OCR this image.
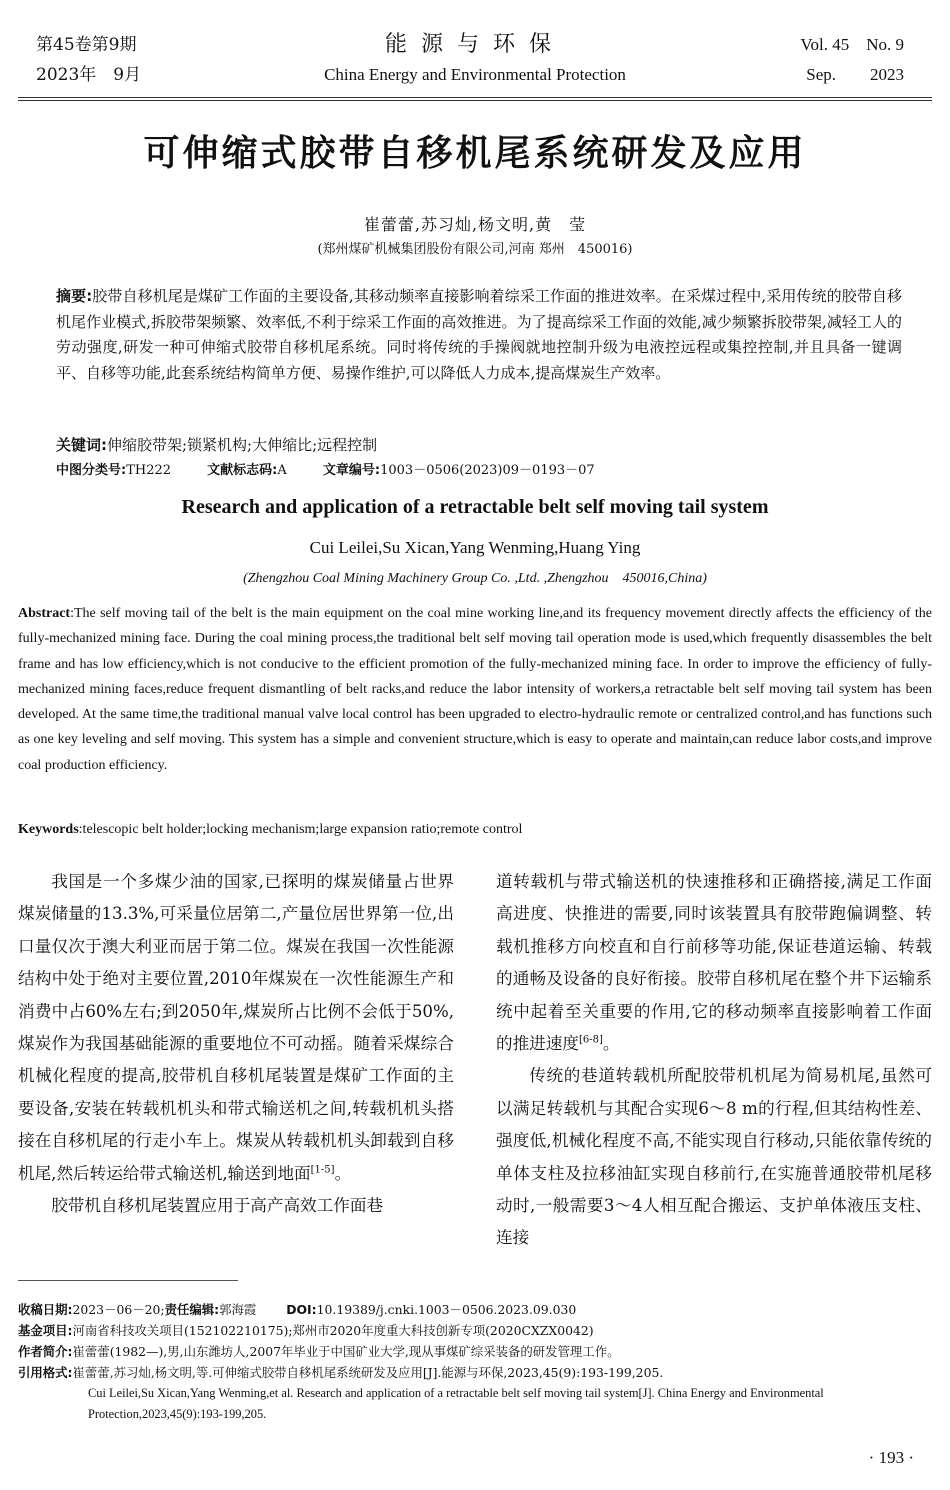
第45卷第9期
2023年　9月
能源与环保
China Energy and Environmental Protection
Vol. 45　No. 9
Sep.　　2023
可伸缩式胶带自移机尾系统研发及应用
崔蕾蕾,苏习灿,杨文明,黄　莹
(郑州煤矿机械集团股份有限公司,河南 郑州　450016)
摘要:胶带自移机尾是煤矿工作面的主要设备,其移动频率直接影响着综采工作面的推进效率。在采煤过程中,采用传统的胶带自移机尾作业模式,拆胶带架频繁、效率低,不利于综采工作面的高效推进。为了提高综采工作面的效能,减少频繁拆胶带架,减轻工人的劳动强度,研发一种可伸缩式胶带自移机尾系统。同时将传统的手操阀就地控制升级为电液控远程或集控控制,并且具备一键调平、自移等功能,此套系统结构简单方便、易操作维护,可以降低人力成本,提高煤炭生产效率。
关键词:伸缩胶带架;锁紧机构;大伸缩比;远程控制
中图分类号:TH222	文献标志码:A	文章编号:1003－0506(2023)09－0193－07
Research and application of a retractable belt self moving tail system
Cui Leilei,Su Xican,Yang Wenming,Huang Ying
(Zhengzhou Coal Mining Machinery Group Co. ,Ltd. ,Zhengzhou　450016,China)
Abstract:The self moving tail of the belt is the main equipment on the coal mine working line,and its frequency movement directly affects the efficiency of the fully-mechanized mining face. During the coal mining process,the traditional belt self moving tail operation mode is used,which frequently disassembles the belt frame and has low efficiency,which is not conducive to the efficient promotion of the fully-mechanized mining face. In order to improve the efficiency of fully-mechanized mining faces,reduce frequent dismantling of belt racks,and reduce the labor intensity of workers,a retractable belt self moving tail system has been developed. At the same time,the traditional manual valve local control has been upgraded to electro-hydraulic remote or centralized control,and has functions such as one key leveling and self moving. This system has a simple and convenient structure,which is easy to operate and maintain,can reduce labor costs,and improve coal production efficiency.
Keywords:telescopic belt holder;locking mechanism;large expansion ratio;remote control

我国是一个多煤少油的国家,已探明的煤炭储量占世界煤炭储量的13.3%,可采量位居第二,产量位居世界第一位,出口量仅次于澳大利亚而居于第二位。煤炭在我国一次性能源结构中处于绝对主要位置,2010年煤炭在一次性能源生产和消费中占60%左右;到2050年,煤炭所占比例不会低于50%,煤炭作为我国基础能源的重要地位不可动摇。随着采煤综合机械化程度的提高,胶带机自移机尾装置是煤矿工作面的主要设备,安装在转载机机头和带式输送机之间,转载机机头搭接在自移机尾的行走小车上。煤炭从转载机机头卸载到自移机尾,然后转运给带式输送机,输送到地面[1-5]。

胶带机自移机尾装置应用于高产高效工作面巷

道转载机与带式输送机的快速推移和正确搭接,满足工作面高进度、快推进的需要,同时该装置具有胶带跑偏调整、转载机推移方向校直和自行前移等功能,保证巷道运输、转载的通畅及设备的良好衔接。胶带自移机尾在整个井下运输系统中起着至关重要的作用,它的移动频率直接影响着工作面的推进速度[6-8]。

传统的巷道转载机所配胶带机机尾为简易机尾,虽然可以满足转载机与其配合实现6～8 m的行程,但其结构性差、强度低,机械化程度不高,不能实现自行移动,只能依靠传统的单体支柱及拉移油缸实现自移前行,在实施普通胶带机尾移动时,一般需要3～4人相互配合搬运、支护单体液压支柱、连接

收稿日期:2023－06－20;责任编辑:郭海霞 DOI:10.19389/j.cnki.1003－0506.2023.09.030
基金项目:河南省科技攻关项目(152102210175);郑州市2020年度重大科技创新专项(2020CXZX0042)
作者简介:崔蕾蕾(1982—),男,山东潍坊人,2007年毕业于中国矿业大学,现从事煤矿综采装备的研发管理工作。
引用格式:崔蕾蕾,苏习灿,杨文明,等.可伸缩式胶带自移机尾系统研发及应用[J].能源与环保,2023,45(9):193-199,205.
Cui Leilei,Su Xican,Yang Wenming,et al. Research and application of a retractable belt self moving tail system[J]. China Energy and Environmental Protection,2023,45(9):193-199,205.
· 193 ·
